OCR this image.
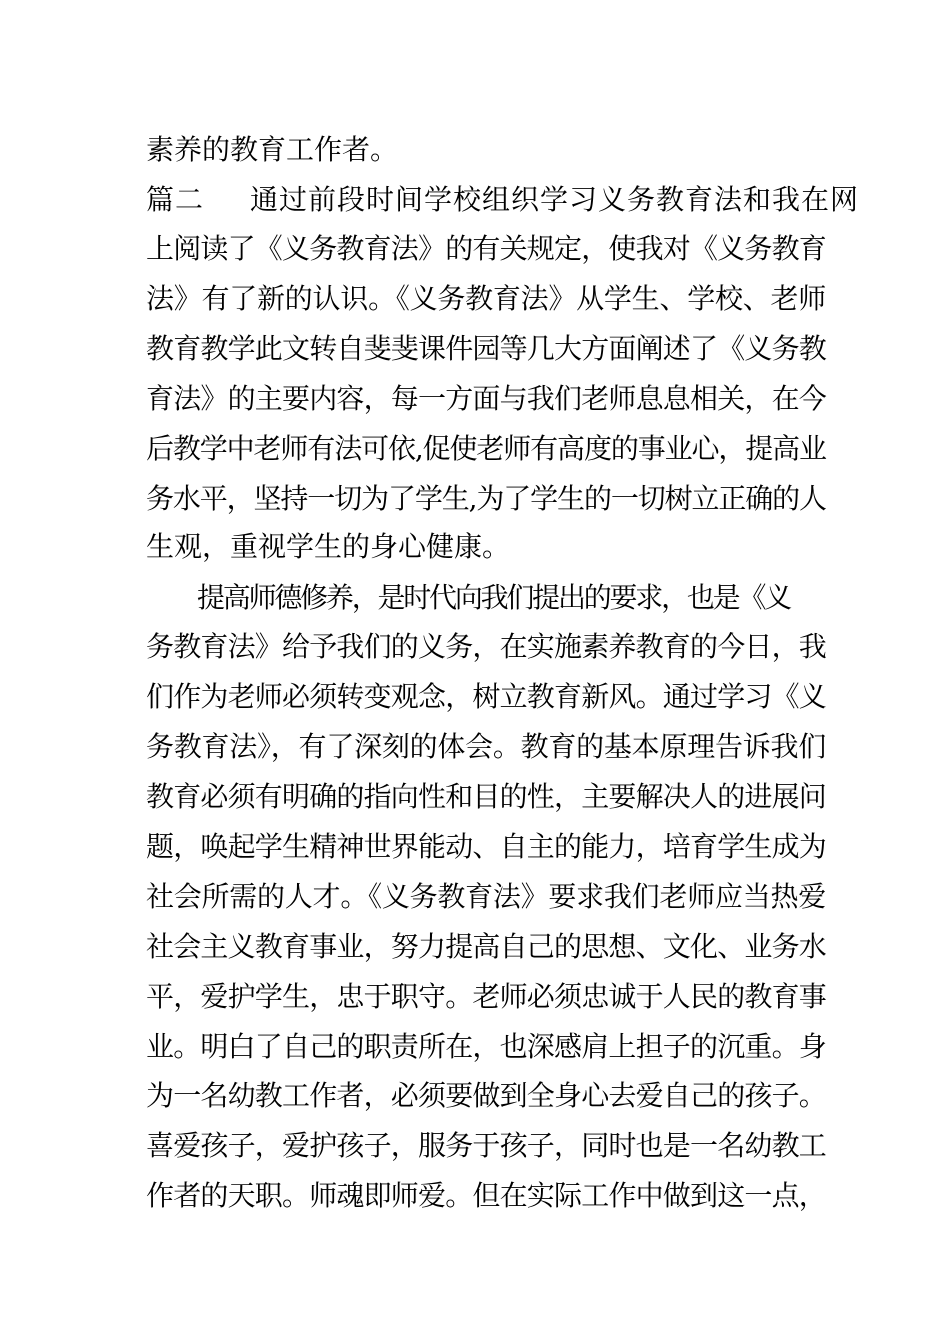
素养的教育工作者。
篇二 通过前段时间学校组织学习义务教育法和我在网
上阅读了《义务教育法》的有关规定，使我对《义务教育
法》有了新的认识。《义务教育法》从学生、学校、老师
教育教学此文转自斐斐课件园等几大方面阐述了《义务教
育法》的主要内容，每一方面与我们老师息息相关，在今
后教学中老师有法可依,促使老师有高度的事业心，提高业
务水平，坚持一切为了学生,为了学生的一切树立正确的人
生观，重视学生的身心健康。
提高师德修养，是时代向我们提出的要求，也是《义
务教育法》给予我们的义务，在实施素养教育的今日，我
们作为老师必须转变观念，树立教育新风。通过学习《义
务教育法》，有了深刻的体会。教育的基本原理告诉我们
教育必须有明确的指向性和目的性，主要解决人的进展问
题，唤起学生精神世界能动、自主的能力，培育学生成为
社会所需的人才。《义务教育法》要求我们老师应当热爱
社会主义教育事业，努力提高自己的思想、文化、业务水
平，爱护学生，忠于职守。老师必须忠诚于人民的教育事
业。明白了自己的职责所在，也深感肩上担子的沉重。身
为一名幼教工作者，必须要做到全身心去爱自己的孩子。
喜爱孩子，爱护孩子，服务于孩子，同时也是一名幼教工
作者的天职。师魂即师爱。但在实际工作中做到这一点，
